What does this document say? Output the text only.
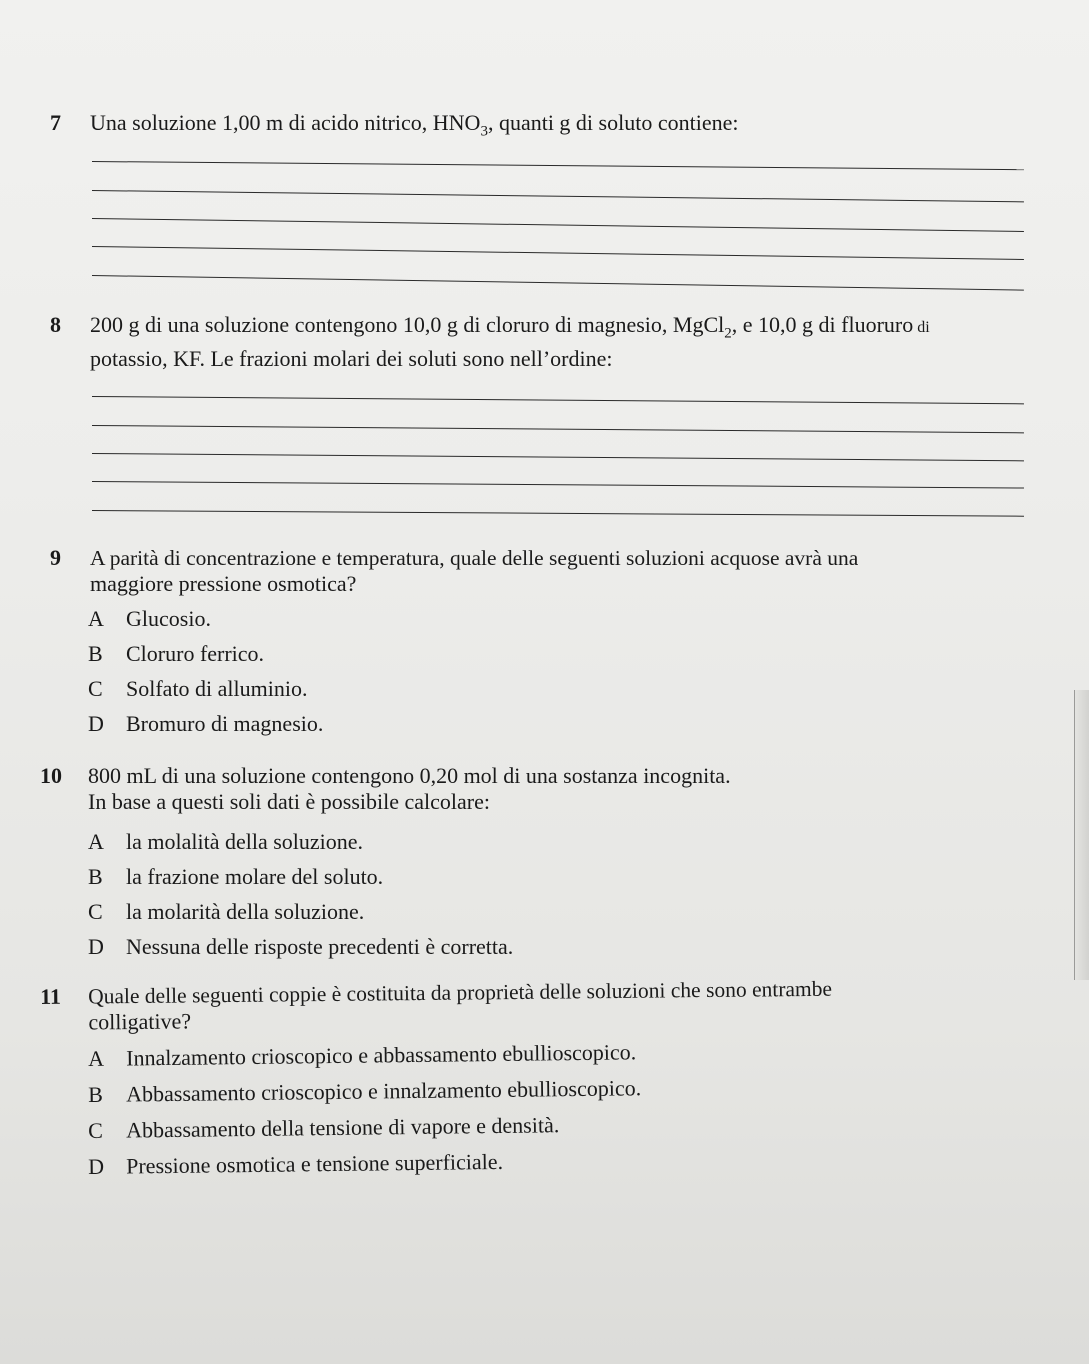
7	Una soluzione 1,00 m di acido nitrico, $HNO_3$, quanti g di soluto contiene:
8	200 g di una soluzione contengono 10,0 g di cloruro di magnesio, MgCl$_2$, e 10,0 g di fluoruro di
potassio, KF. Le frazioni molari dei soluti sono nell’ordine:
9	A parità di concentrazione e temperatura, quale delle seguenti soluzioni acquose avrà una
maggiore pressione osmotica?
A	Glucosio.
B	Cloruro ferrico.
C	Solfato di alluminio.
D	Bromuro di magnesio.
10	800 mL di una soluzione contengono 0,20 mol di una sostanza incognita.
In base a questi soli dati è possibile calcolare:
A	la molalità della soluzione.
B	la frazione molare del soluto.
C	la molarità della soluzione.
D	Nessuna delle risposte precedenti è corretta.
11	Quale delle seguenti coppie è costituita da proprietà delle soluzioni che sono entrambe
colligative?
A Innalzamento crioscopico e abbassamento ebullioscopico.
B	Abbassamento crioscopico e innalzamento ebullioscopico.
C	Abbassamento della tensione di vapore e densità.
D Pressione osmotica e tensione superficiale.
